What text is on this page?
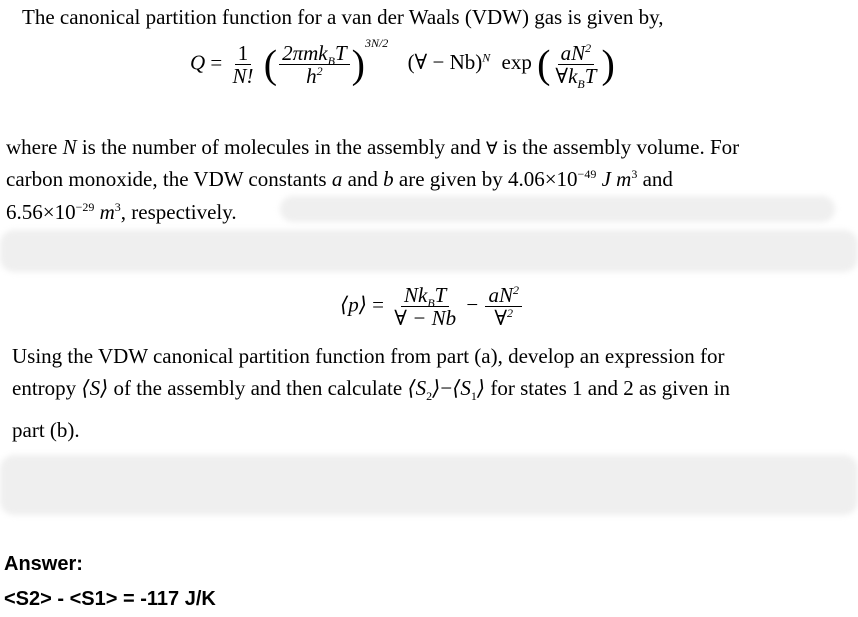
The canonical partition function for a van der Waals (VDW) gas is given by,
$Q = \frac{1}{N!}$ ( $\frac{2\pi mk_BT}{h^2} )^{3N/2}$ (∀ − Nb)$^N$ exp ( $\frac{aN^2}{\forall k_BT}$ )
where N is the number of molecules in the assembly and ∀ is the assembly volume. For
carbon monoxide, the VDW constants a and b are given by $4.06\times 10^{-49}$ J $m^3$ and
$6.56\times 10^{-29}$ $m^3$, respectively.
⟨p⟩ = $\frac{Nk_BT}{\forall - Nb} - \frac{aN^2}{\forall^2}$
Using the VDW canonical partition function from part (a), develop an expression for
entropy ⟨S⟩ of the assembly and then calculate $⟨S_2⟩-⟨S_1⟩$ for states 1 and 2 as given in
part (b).
Answer:
<S2> - <S1> = -117 J/K
